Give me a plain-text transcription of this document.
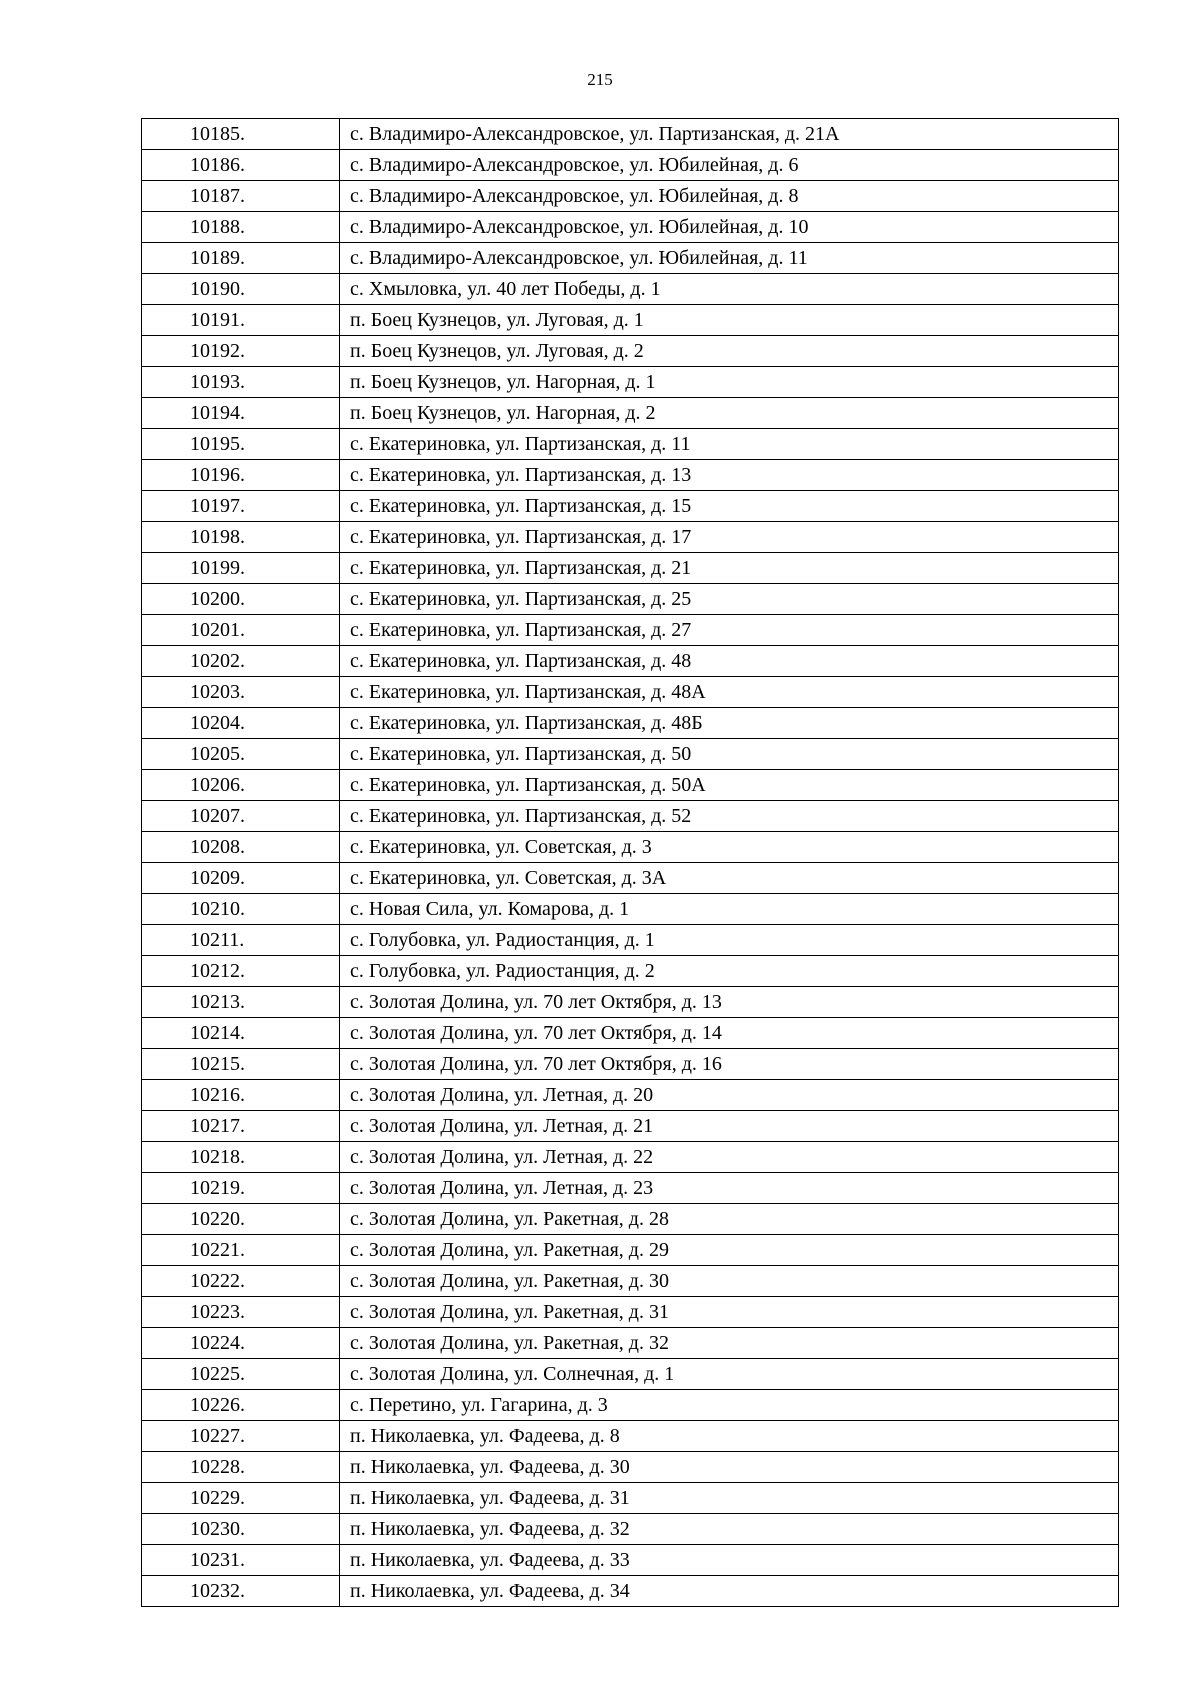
215
10185.	с. Владимиро-Александровское, ул. Партизанская, д. 21А
10186.	с. Владимиро-Александровское, ул. Юбилейная, д. 6
10187.	с. Владимиро-Александровское, ул. Юбилейная, д. 8
10188.	с. Владимиро-Александровское, ул. Юбилейная, д. 10
10189.	с. Владимиро-Александровское, ул. Юбилейная, д. 11
10190.	с. Хмыловка, ул. 40 лет Победы, д. 1
10191.	п. Боец Кузнецов, ул. Луговая, д. 1
10192.	п. Боец Кузнецов, ул. Луговая, д. 2
10193.	п. Боец Кузнецов, ул. Нагорная, д. 1
10194.	п. Боец Кузнецов, ул. Нагорная, д. 2
10195.	с. Екатериновка, ул. Партизанская, д. 11
10196.	с. Екатериновка, ул. Партизанская, д. 13
10197.	с. Екатериновка, ул. Партизанская, д. 15
10198.	с. Екатериновка, ул. Партизанская, д. 17
10199.	с. Екатериновка, ул. Партизанская, д. 21
10200.	с. Екатериновка, ул. Партизанская, д. 25
10201.	с. Екатериновка, ул. Партизанская, д. 27
10202.	с. Екатериновка, ул. Партизанская, д. 48
10203.	с. Екатериновка, ул. Партизанская, д. 48А
10204.	с. Екатериновка, ул. Партизанская, д. 48Б
10205.	с. Екатериновка, ул. Партизанская, д. 50
10206.	с. Екатериновка, ул. Партизанская, д. 50А
10207.	с. Екатериновка, ул. Партизанская, д. 52
10208.	с. Екатериновка, ул. Советская, д. 3
10209.	с. Екатериновка, ул. Советская, д. 3А
10210.	с. Новая Сила, ул. Комарова, д. 1
10211.	с. Голубовка, ул. Радиостанция, д. 1
10212.	с. Голубовка, ул. Радиостанция, д. 2
10213.	с. Золотая Долина, ул. 70 лет Октября, д. 13
10214.	с. Золотая Долина, ул. 70 лет Октября, д. 14
10215.	с. Золотая Долина, ул. 70 лет Октября, д. 16
10216.	с. Золотая Долина, ул. Летная, д. 20
10217.	с. Золотая Долина, ул. Летная, д. 21
10218.	с. Золотая Долина, ул. Летная, д. 22
10219.	с. Золотая Долина, ул. Летная, д. 23
10220.	с. Золотая Долина, ул. Ракетная, д. 28
10221.	с. Золотая Долина, ул. Ракетная, д. 29
10222.	с. Золотая Долина, ул. Ракетная, д. 30
10223.	с. Золотая Долина, ул. Ракетная, д. 31
10224.	с. Золотая Долина, ул. Ракетная, д. 32
10225.	с. Золотая Долина, ул. Солнечная, д. 1
10226.	с. Перетино, ул. Гагарина, д. 3
10227.	п. Николаевка, ул. Фадеева, д. 8
10228.	п. Николаевка, ул. Фадеева, д. 30
10229.	п. Николаевка, ул. Фадеева, д. 31
10230.	п. Николаевка, ул. Фадеева, д. 32
10231.	п. Николаевка, ул. Фадеева, д. 33
10232.	п. Николаевка, ул. Фадеева, д. 34
